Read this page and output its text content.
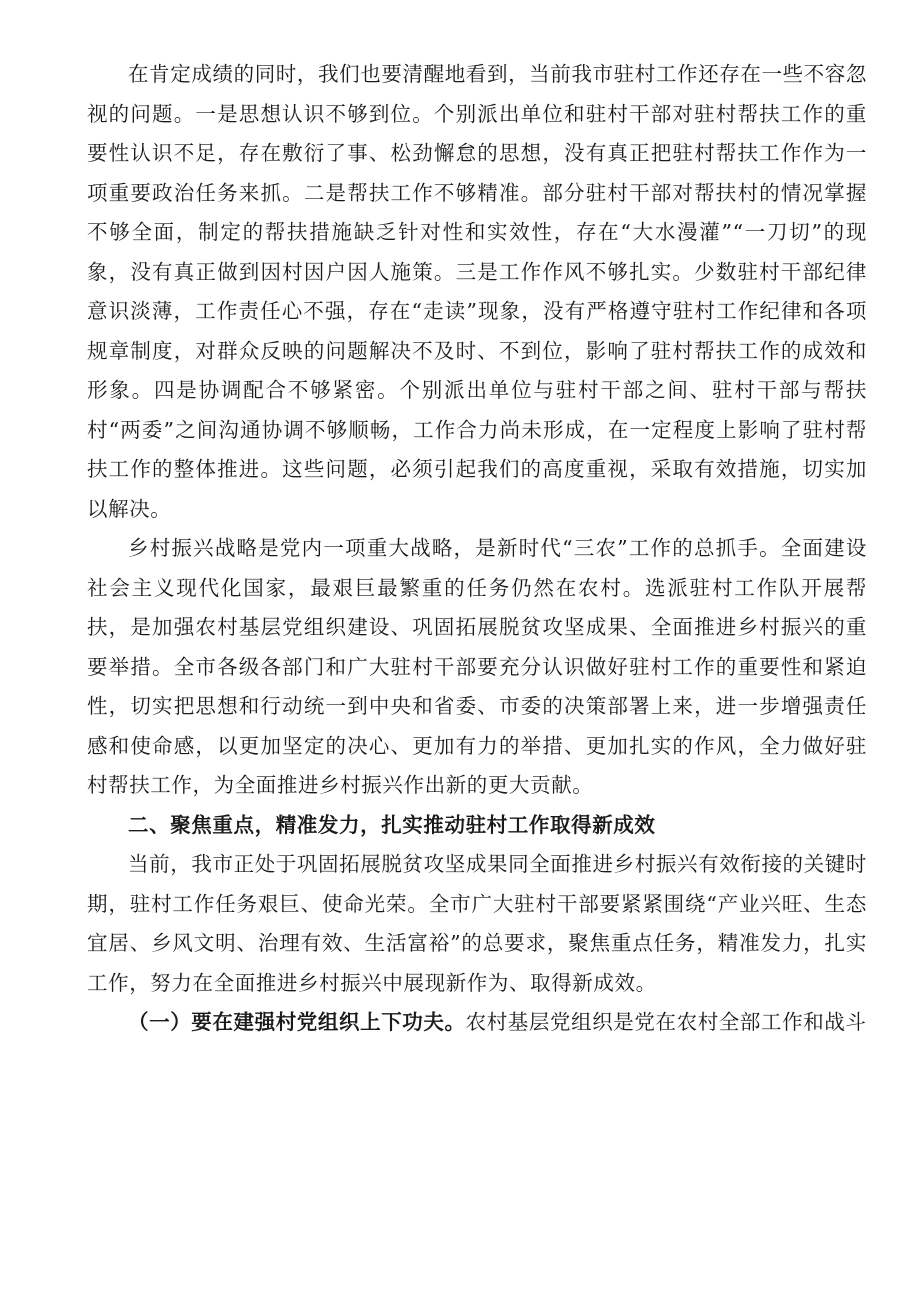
在肯定成绩的同时，我们也要清醒地看到，当前我市驻村工作还存在一些不容忽视的问题。一是思想认识不够到位。个别派出单位和驻村干部对驻村帮扶工作的重要性认识不足，存在敷衍了事、松劲懈怠的思想，没有真正把驻村帮扶工作作为一项重要政治任务来抓。二是帮扶工作不够精准。部分驻村干部对帮扶村的情况掌握不够全面，制定的帮扶措施缺乏针对性和实效性，存在“大水漫灌”“一刀切”的现象，没有真正做到因村因户因人施策。三是工作作风不够扎实。少数驻村干部纪律意识淡薄，工作责任心不强，存在“走读”现象，没有严格遵守驻村工作纪律和各项规章制度，对群众反映的问题解决不及时、不到位，影响了驻村帮扶工作的成效和形象。四是协调配合不够紧密。个别派出单位与驻村干部之间、驻村干部与帮扶村“两委”之间沟通协调不够顺畅，工作合力尚未形成，在一定程度上影响了驻村帮扶工作的整体推进。这些问题，必须引起我们的高度重视，采取有效措施，切实加以解决。

乡村振兴战略是党内一项重大战略，是新时代“三农”工作的总抓手。全面建设社会主义现代化国家，最艰巨最繁重的任务仍然在农村。选派驻村工作队开展帮扶，是加强农村基层党组织建设、巩固拓展脱贫攻坚成果、全面推进乡村振兴的重要举措。全市各级各部门和广大驻村干部要充分认识做好驻村工作的重要性和紧迫性，切实把思想和行动统一到中央和省委、市委的决策部署上来，进一步增强责任感和使命感，以更加坚定的决心、更加有力的举措、更加扎实的作风，全力做好驻村帮扶工作，为全面推进乡村振兴作出新的更大贡献。

二、聚焦重点，精准发力，扎实推动驻村工作取得新成效

当前，我市正处于巩固拓展脱贫攻坚成果同全面推进乡村振兴有效衔接的关键时期，驻村工作任务艰巨、使命光荣。全市广大驻村干部要紧紧围绕“产业兴旺、生态宜居、乡风文明、治理有效、生活富裕”的总要求，聚焦重点任务，精准发力，扎实工作，努力在全面推进乡村振兴中展现新作为、取得新成效。

（一）要在建强村党组织上下功夫。农村基层党组织是党在农村全部工作和战斗
